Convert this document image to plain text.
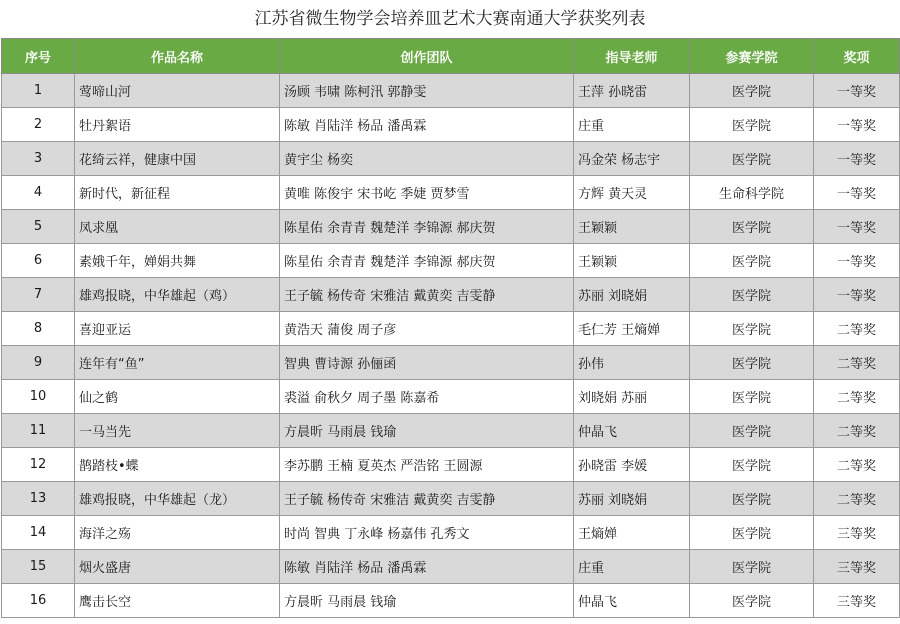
江苏省微生物学会培养皿艺术大赛南通大学获奖列表
序号	作品名称	创作团队	指导老师	参赛学院	奖项
1	莺啼山河	汤顾 韦啸 陈柯汛 郭静雯	王萍 孙晓雷	医学院	一等奖
2	牡丹絮语	陈敏 肖陆洋 杨品 潘禹霖	庄重	医学院	一等奖
3	花绮云祥，健康中国	黄宇尘 杨奕	冯金荣 杨志宇	医学院	一等奖
4	新时代，新征程	黄唯 陈俊宇 宋书屹 季婕 贾梦雪	方辉 黄天灵	生命科学院	一等奖
5	凤求凰	陈星佑 余青青 魏楚洋 李锦源 郝庆贺	王颖颖	医学院	一等奖
6	素娥千年，婵娟共舞	陈星佑 余青青 魏楚洋 李锦源 郝庆贺	王颖颖	医学院	一等奖
7	雄鸡报晓，中华雄起（鸡）	王子毓 杨传奇 宋雅洁 戴黄奕 吉雯静	苏丽 刘晓娟	医学院	一等奖
8	喜迎亚运	黄浩天 蒲俊 周子彦	毛仁芳 王熵婵	医学院	二等奖
9	连年有“鱼”	智典 曹诗源 孙俪函	孙伟	医学院	二等奖
10	仙之鹤	裘溢 俞秋夕 周子墨 陈嘉希	刘晓娟 苏丽	医学院	二等奖
11	一马当先	方晨昕 马雨晨 钱瑜	仲晶飞	医学院	二等奖
12	鹊踏枝•蝶	李苏鹏 王楠 夏英杰 严浩铭 王圆源	孙晓雷 李媛	医学院	二等奖
13	雄鸡报晓，中华雄起（龙）	王子毓 杨传奇 宋雅洁 戴黄奕 吉雯静	苏丽 刘晓娟	医学院	二等奖
14	海洋之殇	时尚 智典 丁永峰 杨嘉伟 孔秀文	王熵婵	医学院	三等奖
15	烟火盛唐	陈敏 肖陆洋 杨品 潘禹霖	庄重	医学院	三等奖
16	鹰击长空	方晨昕 马雨晨 钱瑜	仲晶飞	医学院	三等奖
